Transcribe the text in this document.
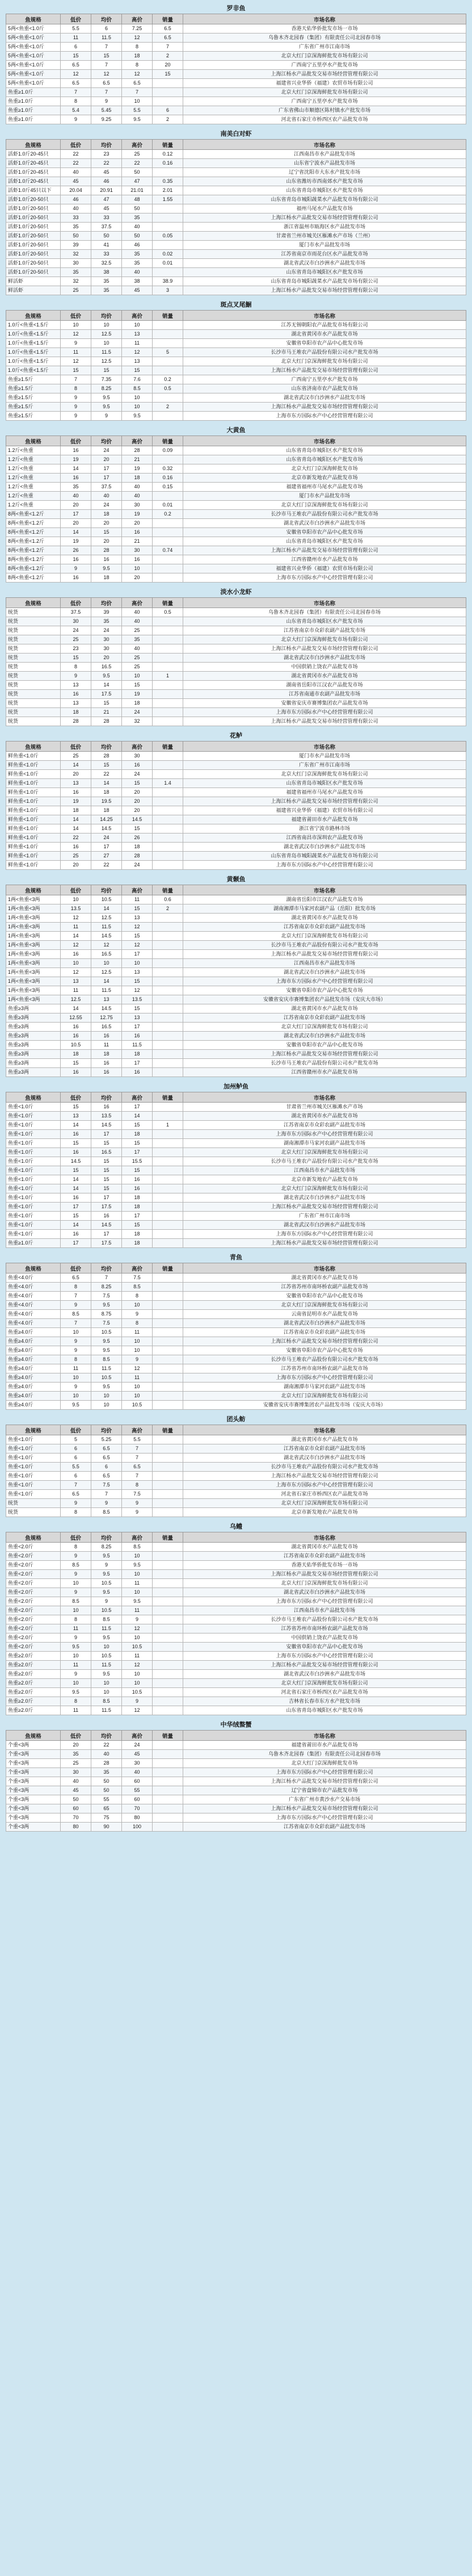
罗非鱼
鱼规格	低价	均价	高价	销量	市场名称
5两<鱼重<1.0斤	5.5	6	7.25	6.5	香港天佑华侨批发市场一市场
5两<鱼重<1.0斤	11	11.5	12	6.5	乌鲁木齐北园春（集团）有限责任公司北园春市场
5两<鱼重<1.0斤	6	7	8	7	广东省广州市江南市场
5两<鱼重<1.0斤	15	15	18	2	北京大红门京深海鲜批发市场有限公司
5两<鱼重<1.0斤	6.5	7	8	20	广西南宁五里亭水产批发市场
5两<鱼重<1.0斤	12	12	12	15	上海江杨水产品批发交易市场经营管理有限公司
5两<鱼重<1.0斤	6.5	6.5	6.5		福建省兴业华侨（福建）农贸市场有限公司
鱼重≥1.0斤	7	7	7		北京大红门京深海鲜批发市场有限公司
鱼重≥1.0斤	8	9	10		广西南宁五里亭水产批发市场
鱼重≥1.0斤	5.4	5.45	5.5	6	广东省佛山市顺德区陈村镇水产批发市场
鱼重≥1.0斤	9	9.25	9.5	2	河北省石家庄市桥西区农产品批发市场
南美白对虾
鱼规格	低价	均价	高价	销量	市场名称
活虾1.0斤20-45只	22	23	25	0.12	江西南昌市水产品批发市场
活虾1.0斤20-45只	22	22	22	0.16	山东省宁波水产品批发市场
活虾1.0斤20-45只	40	45	50		辽宁省沈阳市大东水产批发市场
活虾1.0斤20-45只	45	46	47	0.35	山东省潍坊市西南郊水产批发市场
活虾1.0斤45只以下	20.04	20.91	21.01	2.01	山东省青岛市城阳区水产批发市场
活虾1.0斤20-50只	46	47	48	1.55	山东省青岛市城阳蔬菜水产品批发市场有限公司
活虾1.0斤20-50只	40	45	50		福州马尾水产品批发市场
活虾1.0斤20-50只	33	33	35		上海江杨水产品批发交易市场经营管理有限公司
活虾1.0斤20-50只	35	37.5	40		浙江省温州市瓯海区水产品批发市场
活虾1.0斤20-50只	50	50	50	0.05	甘肃省兰州市城关区雁滩水产市场（兰州）
活虾1.0斤20-50只	39	41	46		厦门市水产品批发市场
活虾1.0斤20-50只	32	33	35	0.02	江苏省南京市雨花台区水产品批发市场
活虾1.0斤20-50只	30	32.5	35	0.01	湖北省武汉市白沙洲水产品批发市场
活虾1.0斤20-50只	35	38	40		山东省青岛市城阳区水产批发市场
鲜活虾	32	35	38	38.9	山东省青岛市城阳蔬菜水产品批发市场有限公司
鲜活虾	25	35	45	3	上海江杨水产品批发交易市场经营管理有限公司
斑点叉尾鮰
鱼规格	低价	均价	高价	销量	市场名称
1.0斤<鱼重<1.5斤	10	10	10		江苏无锡朝阳农产品批发市场有限公司
1.0斤<鱼重<1.5斤	12	12.5	13		湖北省黄冈市水产品批发市场
1.0斤<鱼重<1.5斤	9	10	11		安徽省阜阳市农产品中心批发市场
1.0斤<鱼重<1.5斤	11	11.5	12	5	长沙市马王堆农产品股份有限公司水产批发市场
1.0斤<鱼重<1.5斤	12	12.5	13		北京大红门京深海鲜批发市场有限公司
1.0斤<鱼重<1.5斤	15	15	15		上海江杨水产品批发交易市场经营管理有限公司
鱼重≥1.5斤	7	7.35	7.6	0.2	广西南宁五里亭水产批发市场
鱼重≥1.5斤	8	8.25	8.5	0.5	山东省济南市农产品批发市场
鱼重≥1.5斤	9	9.5	10		湖北省武汉市白沙洲水产品批发市场
鱼重≥1.5斤	9	9.5	10	2	上海江杨水产品批发交易市场经营管理有限公司
鱼重≥1.5斤	9	9	9.5		上海市东方国际水产中心经营管理有限公司
大黄鱼
鱼规格	低价	均价	高价	销量	市场名称
1.2斤<鱼重	16	24	28	0.09	山东省青岛市城阳区水产批发市场
1.2斤<鱼重	19	20	21		山东省青岛市城阳区水产批发市场
1.2斤<鱼重	14	17	19	0.32	北京大红门京深海鲜批发市场
1.2斤<鱼重	16	17	18	0.16	北京市新发地农产品批发市场
1.2斤<鱼重	35	37.5	40	0.15	福建省福州市马尾水产品批发市场
1.2斤<鱼重	40	40	40		厦门市水产品批发市场
1.2斤<鱼重	20	24	30	0.01	北京大红门京深海鲜批发市场有限公司
8两<鱼重<1.2斤	17	18	19	0.2	长沙市马王堆农产品股份有限公司水产批发市场
8两<鱼重<1.2斤	20	20	20		湖北省武汉市白沙洲水产品批发市场
8两<鱼重<1.2斤	14	15	16		安徽省阜阳市农产品中心批发市场
8两<鱼重<1.2斤	19	20	21		山东省青岛市城阳区水产批发市场
8两<鱼重<1.2斤	26	28	30	0.74	上海江杨水产品批发交易市场经营管理有限公司
8两<鱼重<1.2斤	16	16	16		江西省赣州市水产品批发市场
8两<鱼重<1.2斤	9	9.5	10		福建省兴业华侨（福建）农贸市场有限公司
8两<鱼重<1.2斤	16	18	20		上海市东方国际水产中心经营管理有限公司
淡水小龙虾
鱼规格	低价	均价	高价	销量	市场名称
统货	37.5	39	40	0.5	乌鲁木齐北园春（集团）有限责任公司北园春市场
统货	30	35	40		山东省青岛市城阳区水产批发市场
统货	24	24	25		江苏省南京市众彩农副产品批发市场
统货	25	30	35		北京大红门京深海鲜批发市场有限公司
统货	23	30	40		上海江杨水产品批发交易市场经营管理有限公司
统货	15	20	25		湖北省武汉市白沙洲水产品批发市场
统货	8	16.5	25		中国供销上饶农产品批发市场
统货	9	9.5	10	1	湖北省黄冈市水产品批发市场
统货	13	14	15		湖南省岳阳市江汉农产品批发市场
统货	16	17.5	19		江苏省南通市农副产品批发市场
统货	13	15	18		安徽省安庆市赛博集团农产品批发市场
统货	18	21	24		上海市东方国际水产中心经营管理有限公司
统货	28	28	32		上海江杨水产品批发交易市场经营管理有限公司
花鲈
鱼规格	低价	均价	高价	销量	市场名称
鲜鱼重<1.0斤	25	28	30		厦门市水产品批发市场
鲜鱼重<1.0斤	14	15	16		广东省广州市江南市场
鲜鱼重<1.0斤	20	22	24		北京大红门京深海鲜批发市场有限公司
鲜鱼重<1.0斤	13	14	15	1.4	山东省青岛市城阳区水产批发市场
鲜鱼重<1.0斤	16	18	20		福建省福州市马尾水产品批发市场
鲜鱼重<1.0斤	19	19.5	20		上海江杨水产品批发交易市场经营管理有限公司
鲜鱼重<1.0斤	18	18	20		福建省兴业华侨（福建）农贸市场有限公司
鲜鱼重<1.0斤	14	14.25	14.5		福建省莆田市水产品批发市场
鲜鱼重<1.0斤	14	14.5	15		浙江省宁波市路林市场
鲜鱼重<1.0斤	22	24	26		江西省南昌市深圳农产品批发市场
鲜鱼重<1.0斤	16	17	18		湖北省武汉市白沙洲水产品批发市场
鲜鱼重<1.0斤	25	27	28		山东省青岛市城阳蔬菜水产品批发市场有限公司
鲜鱼重<1.0斤	20	22	24		上海市东方国际水产中心经营管理有限公司
黄颡鱼
鱼规格	低价	均价	高价	销量	市场名称
1两<鱼重<3两	10	10.5	11	0.6	湖南省岳阳市江汉农产品批发市场
1两<鱼重<3两	13.5	14	15	2	湖南湘潭市马家河农副产品（岳阳）批发市场
1两<鱼重<3两	12	12.5	13		湖北省黄冈市水产品批发市场
1两<鱼重<3两	11	11.5	12		江苏省南京市众彩农副产品批发市场
1两<鱼重<3两	14	14.5	15		北京大红门京深海鲜批发市场有限公司
1两<鱼重<3两	12	12	12		长沙市马王堆农产品股份有限公司水产批发市场
1两<鱼重<3两	16	16.5	17		上海江杨水产品批发交易市场经营管理有限公司
1两<鱼重<3两	10	10	10		江西南昌市水产品批发市场
1两<鱼重<3两	12	12.5	13		湖北省武汉市白沙洲水产品批发市场
1两<鱼重<3两	13	14	15		上海市东方国际水产中心经营管理有限公司
1两<鱼重<3两	11	11.5	12		安徽省阜阳市农产品中心批发市场
1两<鱼重<3两	12.5	13	13.5		安徽省安庆市赛博集团农产品批发市场（安庆大市场）
鱼重≥3两	14	14.5	15		湖北省黄冈市水产品批发市场
鱼重≥3两	12.55	12.75	13		江苏省南京市众彩农副产品批发市场
鱼重≥3两	16	16.5	17		北京大红门京深海鲜批发市场有限公司
鱼重≥3两	16	16	16		湖北省武汉市白沙洲水产品批发市场
鱼重≥3两	10.5	11	11.5		安徽省阜阳市农产品中心批发市场
鱼重≥3两	18	18	18		上海江杨水产品批发交易市场经营管理有限公司
鱼重≥3两	15	16	17		长沙市马王堆农产品股份有限公司水产批发市场
鱼重≥3两	16	16	16		江西省赣州市水产品批发市场
加州鲈鱼
鱼规格	低价	均价	高价	销量	市场名称
鱼重<1.0斤	15	16	17		甘肃省兰州市城关区雁滩水产市场
鱼重<1.0斤	13	13.5	14		湖北省黄冈市水产品批发市场
鱼重<1.0斤	14	14.5	15	1	江苏省南京市众彩农副产品批发市场
鱼重<1.0斤	16	17	18		上海市东方国际水产中心经营管理有限公司
鱼重<1.0斤	15	15	15		湖南湘潭市马家河农副产品批发市场
鱼重<1.0斤	16	16.5	17		北京大红门京深海鲜批发市场有限公司
鱼重<1.0斤	14.5	15	15.5		长沙市马王堆农产品股份有限公司水产批发市场
鱼重<1.0斤	15	15	15		江西南昌市水产品批发市场
鱼重<1.0斤	14	15	16		北京市新发地农产品批发市场
鱼重<1.0斤	14	15	16		北京大红门京深海鲜批发市场有限公司
鱼重<1.0斤	16	17	18		湖北省武汉市白沙洲水产品批发市场
鱼重<1.0斤	17	17.5	18		上海江杨水产品批发交易市场经营管理有限公司
鱼重<1.0斤	15	16	17		广东省广州市江南市场
鱼重<1.0斤	14	14.5	15		湖北省武汉市白沙洲水产品批发市场
鱼重<1.0斤	16	17	18		上海市东方国际水产中心经营管理有限公司
鱼重≥1.0斤	17	17.5	18		上海江杨水产品批发交易市场经营管理有限公司
青鱼
鱼规格	低价	均价	高价	销量	市场名称
鱼重<4.0斤	6.5	7	7.5		湖北省黄冈市水产品批发市场
鱼重<4.0斤	8	8.25	8.5		江苏省苏州市南环桥农副产品批发市场
鱼重<4.0斤	7	7.5	8		安徽省阜阳市农产品中心批发市场
鱼重<4.0斤	9	9.5	10		北京大红门京深海鲜批发市场有限公司
鱼重<4.0斤	8.5	8.75	9		云南省昆明市水产品批发市场
鱼重<4.0斤	7	7.5	8		湖北省武汉市白沙洲水产品批发市场
鱼重≥4.0斤	10	10.5	11		江苏省南京市众彩农副产品批发市场
鱼重≥4.0斤	9	9.5	10		上海江杨水产品批发交易市场经营管理有限公司
鱼重≥4.0斤	9	9.5	10		安徽省阜阳市农产品中心批发市场
鱼重≥4.0斤	8	8.5	9		长沙市马王堆农产品股份有限公司水产批发市场
鱼重≥4.0斤	11	11.5	12		江苏省苏州市南环桥农副产品批发市场
鱼重≥4.0斤	10	10.5	11		上海市东方国际水产中心经营管理有限公司
鱼重≥4.0斤	9	9.5	10		湖南湘潭市马家河农副产品批发市场
鱼重≥4.0斤	10	10	10		北京大红门京深海鲜批发市场有限公司
鱼重≥4.0斤	9.5	10	10.5		安徽省安庆市赛博集团农产品批发市场（安庆大市场）
团头鲂
鱼规格	低价	均价	高价	销量	市场名称
鱼重<1.0斤	5	5.25	5.5		湖北省黄冈市水产品批发市场
鱼重<1.0斤	6	6.5	7		江苏省南京市众彩农副产品批发市场
鱼重<1.0斤	6	6.5	7		湖北省武汉市白沙洲水产品批发市场
鱼重<1.0斤	5.5	6	6.5		长沙市马王堆农产品股份有限公司水产批发市场
鱼重<1.0斤	6	6.5	7		上海江杨水产品批发交易市场经营管理有限公司
鱼重<1.0斤	7	7.5	8		上海市东方国际水产中心经营管理有限公司
鱼重<1.0斤	6.5	7	7.5		河北省石家庄市桥西区农产品批发市场
统货	9	9	9		北京大红门京深海鲜批发市场有限公司
统货	8	8.5	9		北京市新发地农产品批发市场
乌鳢
鱼规格	低价	均价	高价	销量	市场名称
鱼重<2.0斤	8	8.25	8.5		湖北省黄冈市水产品批发市场
鱼重<2.0斤	9	9.5	10		江苏省南京市众彩农副产品批发市场
鱼重<2.0斤	8.5	9	9.5		香港天佑华侨批发市场一市场
鱼重<2.0斤	9	9.5	10		上海江杨水产品批发交易市场经营管理有限公司
鱼重<2.0斤	10	10.5	11		北京大红门京深海鲜批发市场有限公司
鱼重<2.0斤	9	9.5	10		湖北省武汉市白沙洲水产品批发市场
鱼重<2.0斤	8.5	9	9.5		上海市东方国际水产中心经营管理有限公司
鱼重<2.0斤	10	10.5	11		江西南昌市水产品批发市场
鱼重<2.0斤	8	8.5	9		长沙市马王堆农产品股份有限公司水产批发市场
鱼重<2.0斤	11	11.5	12		江苏省苏州市南环桥农副产品批发市场
鱼重<2.0斤	9	9.5	10		中国供销上饶农产品批发市场
鱼重<2.0斤	9.5	10	10.5		安徽省阜阳市农产品中心批发市场
鱼重≥2.0斤	10	10.5	11		上海市东方国际水产中心经营管理有限公司
鱼重≥2.0斤	11	11.5	12		上海江杨水产品批发交易市场经营管理有限公司
鱼重≥2.0斤	9	9.5	10		湖北省武汉市白沙洲水产品批发市场
鱼重≥2.0斤	10	10	10		北京大红门京深海鲜批发市场有限公司
鱼重≥2.0斤	9.5	10	10.5		河北省石家庄市桥西区农产品批发市场
鱼重≥2.0斤	8	8.5	9		吉林省长春市东方水产批发市场
鱼重≥2.0斤	11	11.5	12		山东省青岛市城阳区水产批发市场
中华绒螯蟹
鱼规格	低价	均价	高价	销量	市场名称
个重<3两	20	22	24		福建省莆田市水产品批发市场
个重<3两	35	40	45		乌鲁木齐北园春（集团）有限责任公司北园春市场
个重<3两	25	28	30		北京大红门京深海鲜批发市场
个重<3两	30	35	40		上海市东方国际水产中心经营管理有限公司
个重<3两	40	50	60		上海江杨水产品批发交易市场经营管理有限公司
个重<3两	45	50	55		辽宁省盘锦市农产品批发市场
个重<3两	50	55	60		广东省广州市黄沙水产交易市场
个重<3两	60	65	70		上海江杨水产品批发交易市场经营管理有限公司
个重<3两	70	75	80		上海市东方国际水产中心经营管理有限公司
个重<3两	80	90	100		江苏省南京市众彩农副产品批发市场
